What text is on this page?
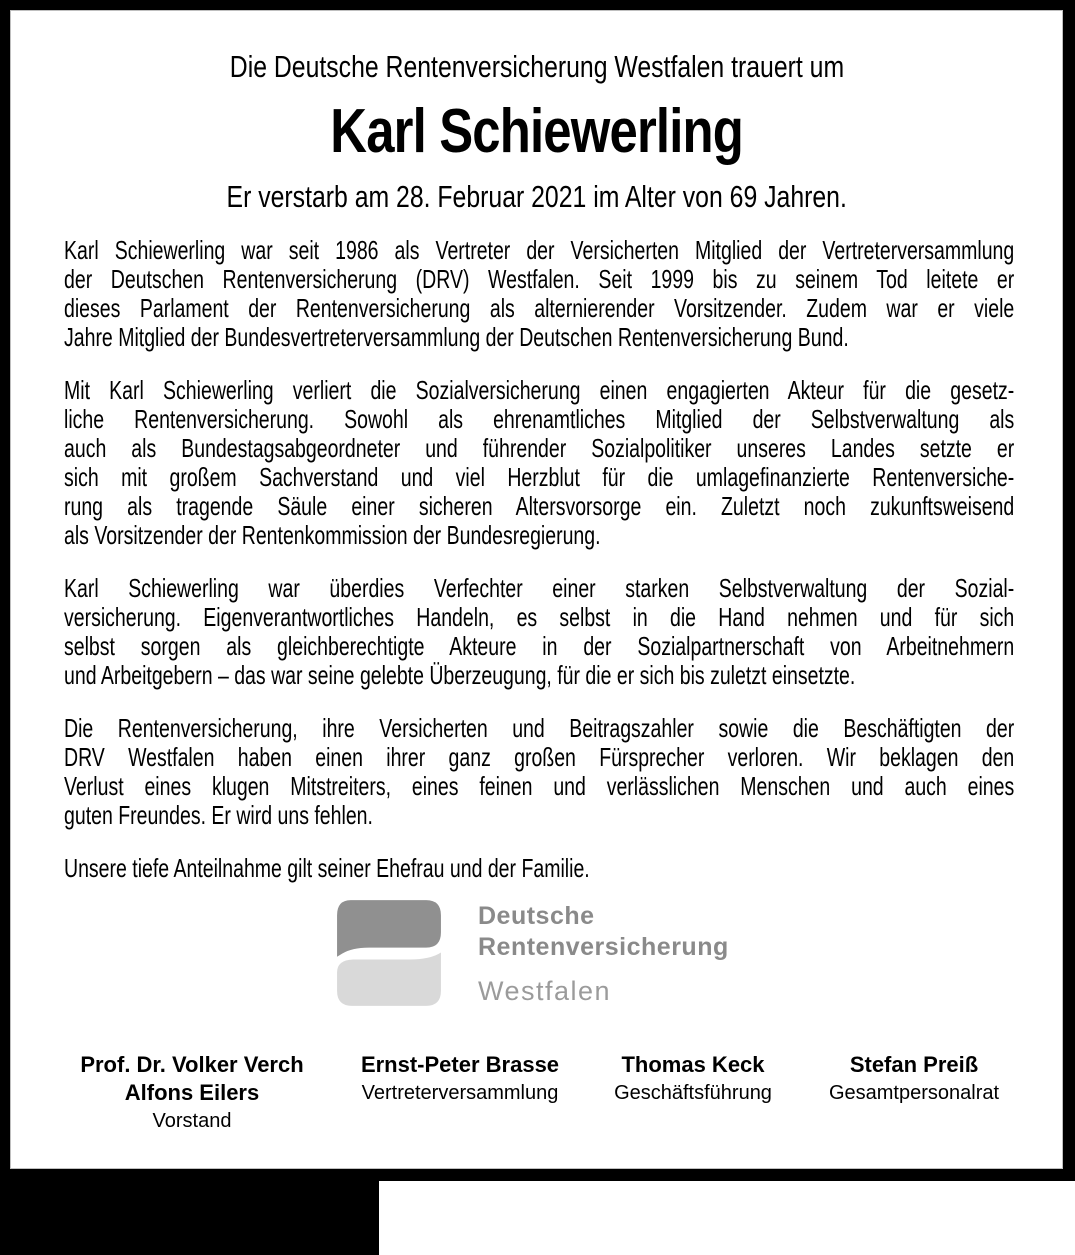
Die Deutsche Rentenversicherung Westfalen trauert um
Karl Schiewerling
Er verstarb am 28. Februar 2021 im Alter von 69 Jahren.
Karl Schiewerling war seit 1986 als Vertreter der Versicherten Mitglied der Vertreterversammlung
der Deutschen Rentenversicherung (DRV) Westfalen. Seit 1999 bis zu seinem Tod leitete er
dieses Parlament der Rentenversicherung als alternierender Vorsitzender. Zudem war er viele
Jahre Mitglied der Bundesvertreterversammlung der Deutschen Rentenversicherung Bund.
Mit Karl Schiewerling verliert die Sozialversicherung einen engagierten Akteur für die gesetz-
liche Rentenversicherung. Sowohl als ehrenamtliches Mitglied der Selbstverwaltung als
auch als Bundestagsabgeordneter und führender Sozialpolitiker unseres Landes setzte er
sich mit großem Sachverstand und viel Herzblut für die umlagefinanzierte Rentenversiche-
rung als tragende Säule einer sicheren Altersvorsorge ein. Zuletzt noch zukunftsweisend
als Vorsitzender der Rentenkommission der Bundesregierung.
Karl Schiewerling war überdies Verfechter einer starken Selbstverwaltung der Sozial-
versicherung. Eigenverantwortliches Handeln, es selbst in die Hand nehmen und für sich
selbst sorgen als gleichberechtigte Akteure in der Sozialpartnerschaft von Arbeitnehmern
und Arbeitgebern – das war seine gelebte Überzeugung, für die er sich bis zuletzt einsetzte.
Die Rentenversicherung, ihre Versicherten und Beitragszahler sowie die Beschäftigten der
DRV Westfalen haben einen ihrer ganz großen Fürsprecher verloren. Wir beklagen den
Verlust eines klugen Mitstreiters, eines feinen und verlässlichen Menschen und auch eines
guten Freundes. Er wird uns fehlen.
Unsere tiefe Anteilnahme gilt seiner Ehefrau und der Familie.
Deutsche
Rentenversicherung
Westfalen
Prof. Dr. Volker Verch
Alfons Eilers
Vorstand
Ernst-Peter Brasse
Vertreterversammlung
Thomas Keck
Geschäftsführung
Stefan Preiß
Gesamtpersonalrat
